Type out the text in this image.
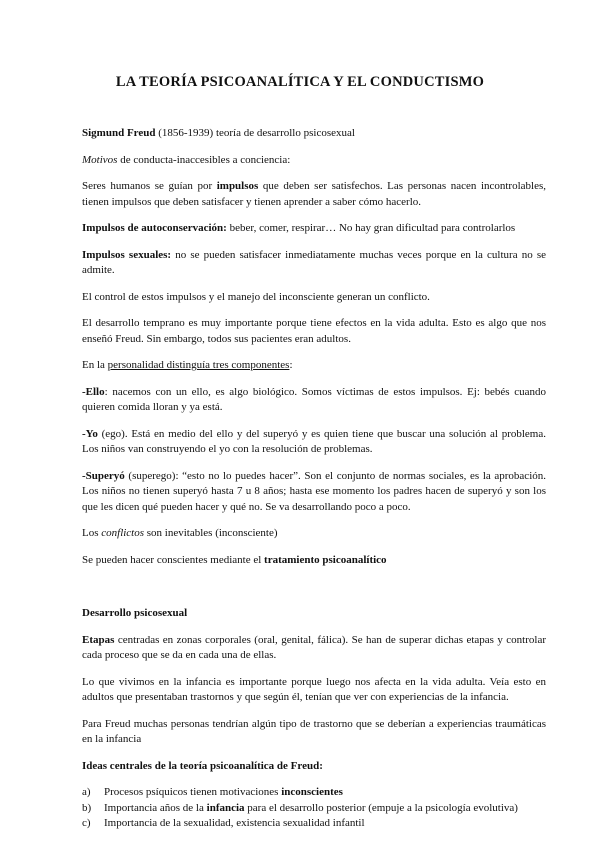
LA TEORÍA PSICOANALÍTICA Y EL CONDUCTISMO

Sigmund Freud (1856-1939) teoría de desarrollo psicosexual

Motivos de conducta-inaccesibles a conciencia:

Seres humanos se guían por impulsos que deben ser satisfechos. Las personas nacen incontrolables, tienen impulsos que deben satisfacer y tienen aprender a saber cómo hacerlo.

Impulsos de autoconservación: beber, comer, respirar… No hay gran dificultad para controlarlos

Impulsos sexuales: no se pueden satisfacer inmediatamente muchas veces porque en la cultura no se admite.

El control de estos impulsos y el manejo del inconsciente generan un conflicto.

El desarrollo temprano es muy importante porque tiene efectos en la vida adulta. Esto es algo que nos enseñó Freud. Sin embargo, todos sus pacientes eran adultos.

En la personalidad distinguía tres componentes:

-Ello: nacemos con un ello, es algo biológico. Somos víctimas de estos impulsos. Ej: bebés cuando quieren comida lloran y ya está.

-Yo (ego). Está en medio del ello y del superyó y es quien tiene que buscar una solución al problema. Los niños van construyendo el yo con la resolución de problemas.

-Superyó (superego): “esto no lo puedes hacer”. Son el conjunto de normas sociales, es la aprobación. Los niños no tienen superyó hasta 7 u 8 años; hasta ese momento los padres hacen de superyó y son los que les dicen qué pueden hacer y qué no. Se va desarrollando poco a poco.

Los conflictos son inevitables (inconsciente)

Se pueden hacer conscientes mediante el tratamiento psicoanalítico

Desarrollo psicosexual

Etapas centradas en zonas corporales (oral, genital, fálica). Se han de superar dichas etapas y controlar cada proceso que se da en cada una de ellas.

Lo que vivimos en la infancia es importante porque luego nos afecta en la vida adulta. Veía esto en adultos que presentaban trastornos y que según él, tenían que ver con experiencias de la infancia.

Para Freud muchas personas tendrían algún tipo de trastorno que se deberían a experiencias traumáticas en la infancia

Ideas centrales de la teoría psicoanalítica de Freud:

a)	Procesos psíquicos tienen motivaciones inconscientes
b)	Importancia años de la infancia para el desarrollo posterior (empuje a la psicología evolutiva)
c)	Importancia de la sexualidad, existencia sexualidad infantil
